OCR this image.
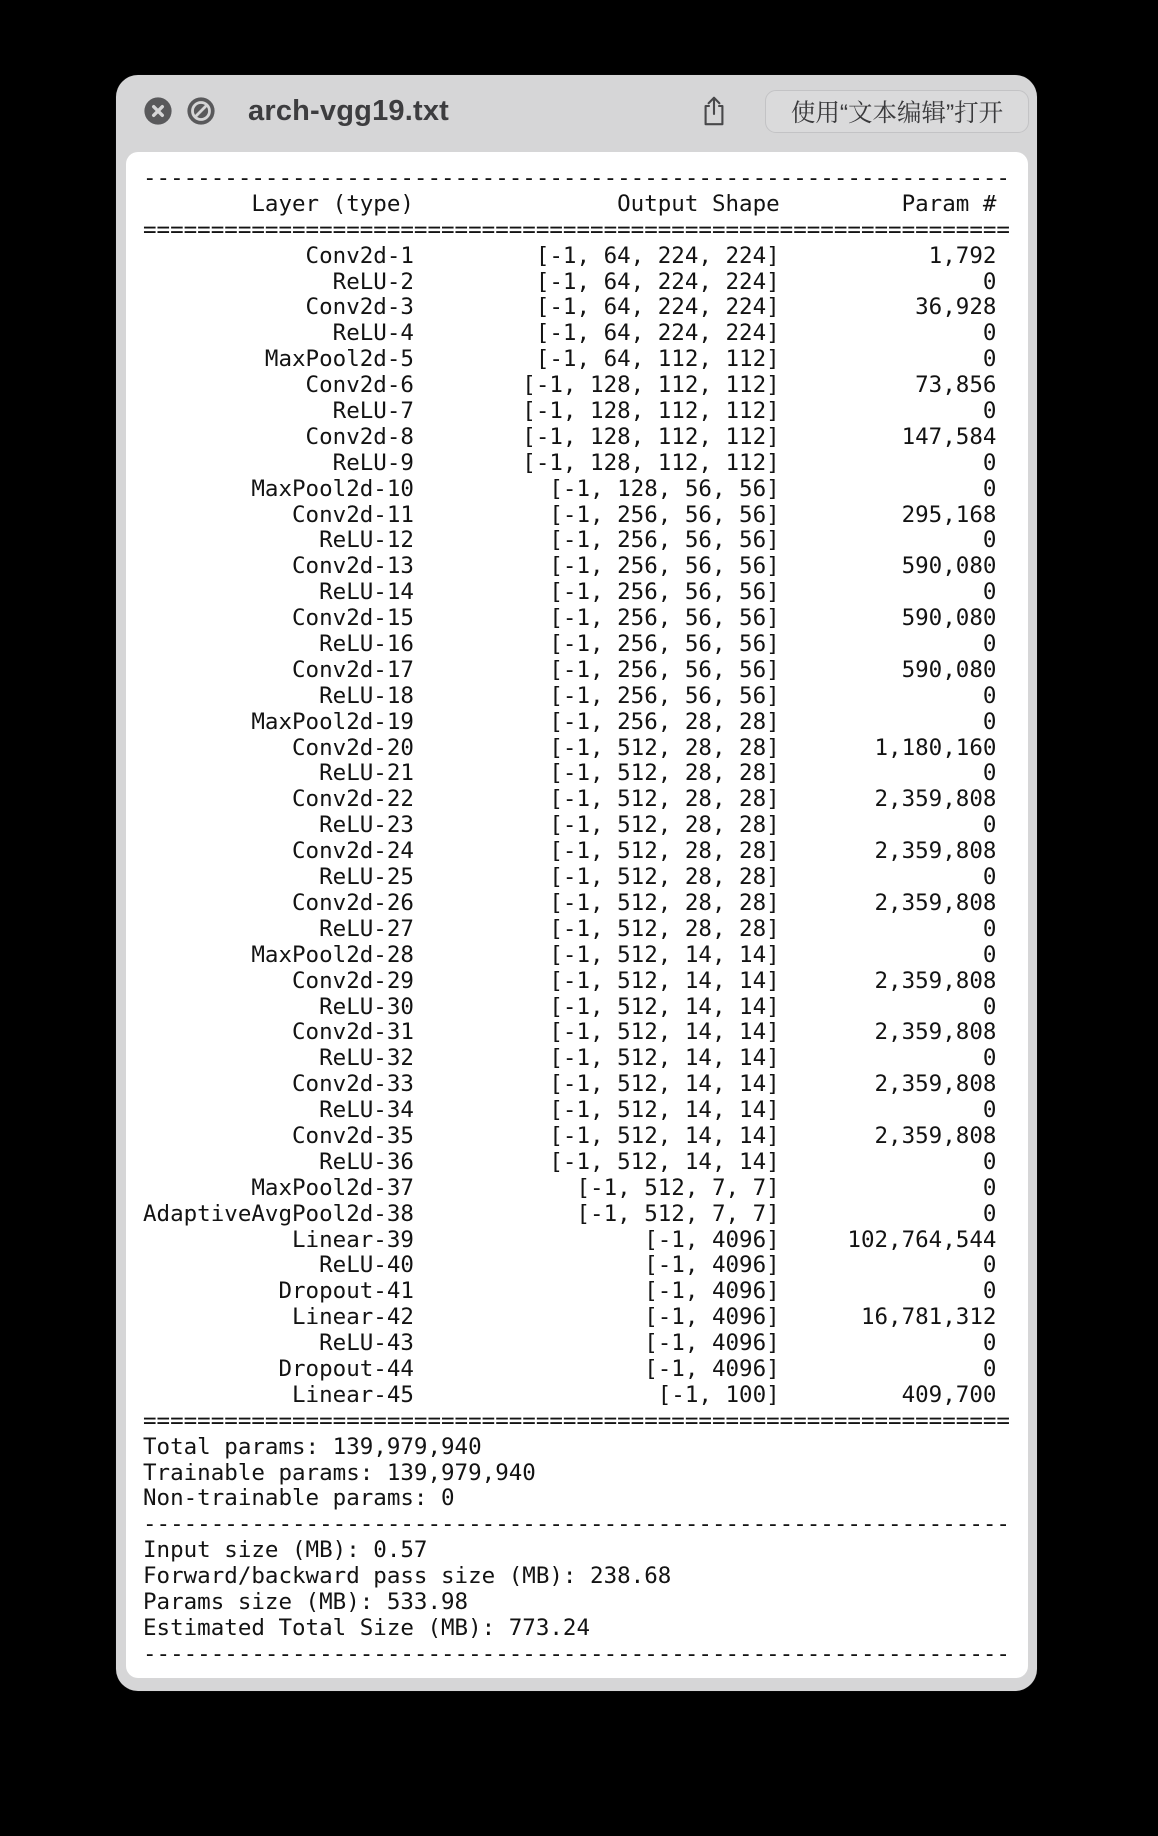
arch-vgg19.txt	使用“文本编辑”打开
----------------------------------------------------------------
Layer (type)               Output Shape         Param #
================================================================
Conv2d-1         [-1, 64, 224, 224]           1,792
ReLU-2         [-1, 64, 224, 224]               0
Conv2d-3         [-1, 64, 224, 224]          36,928
ReLU-4         [-1, 64, 224, 224]               0
MaxPool2d-5         [-1, 64, 112, 112]               0
Conv2d-6        [-1, 128, 112, 112]          73,856
ReLU-7        [-1, 128, 112, 112]               0
Conv2d-8        [-1, 128, 112, 112]         147,584
ReLU-9        [-1, 128, 112, 112]               0
MaxPool2d-10          [-1, 128, 56, 56]               0
Conv2d-11          [-1, 256, 56, 56]         295,168
ReLU-12          [-1, 256, 56, 56]               0
Conv2d-13          [-1, 256, 56, 56]         590,080
ReLU-14          [-1, 256, 56, 56]               0
Conv2d-15          [-1, 256, 56, 56]         590,080
ReLU-16          [-1, 256, 56, 56]               0
Conv2d-17          [-1, 256, 56, 56]         590,080
ReLU-18          [-1, 256, 56, 56]               0
MaxPool2d-19          [-1, 256, 28, 28]               0
Conv2d-20          [-1, 512, 28, 28]       1,180,160
ReLU-21          [-1, 512, 28, 28]               0
Conv2d-22          [-1, 512, 28, 28]       2,359,808
ReLU-23          [-1, 512, 28, 28]               0
Conv2d-24          [-1, 512, 28, 28]       2,359,808
ReLU-25          [-1, 512, 28, 28]               0
Conv2d-26          [-1, 512, 28, 28]       2,359,808
ReLU-27          [-1, 512, 28, 28]               0
MaxPool2d-28          [-1, 512, 14, 14]               0
Conv2d-29          [-1, 512, 14, 14]       2,359,808
ReLU-30          [-1, 512, 14, 14]               0
Conv2d-31          [-1, 512, 14, 14]       2,359,808
ReLU-32          [-1, 512, 14, 14]               0
Conv2d-33          [-1, 512, 14, 14]       2,359,808
ReLU-34          [-1, 512, 14, 14]               0
Conv2d-35          [-1, 512, 14, 14]       2,359,808
ReLU-36          [-1, 512, 14, 14]               0
MaxPool2d-37            [-1, 512, 7, 7]               0
AdaptiveAvgPool2d-38            [-1, 512, 7, 7]               0
Linear-39                 [-1, 4096]     102,764,544
ReLU-40                 [-1, 4096]               0
Dropout-41                 [-1, 4096]               0
Linear-42                 [-1, 4096]      16,781,312
ReLU-43                 [-1, 4096]               0
Dropout-44                 [-1, 4096]               0
Linear-45                  [-1, 100]         409,700
================================================================
Total params: 139,979,940
Trainable params: 139,979,940
Non-trainable params: 0
----------------------------------------------------------------
Input size (MB): 0.57
Forward/backward pass size (MB): 238.68
Params size (MB): 533.98
Estimated Total Size (MB): 773.24
----------------------------------------------------------------
